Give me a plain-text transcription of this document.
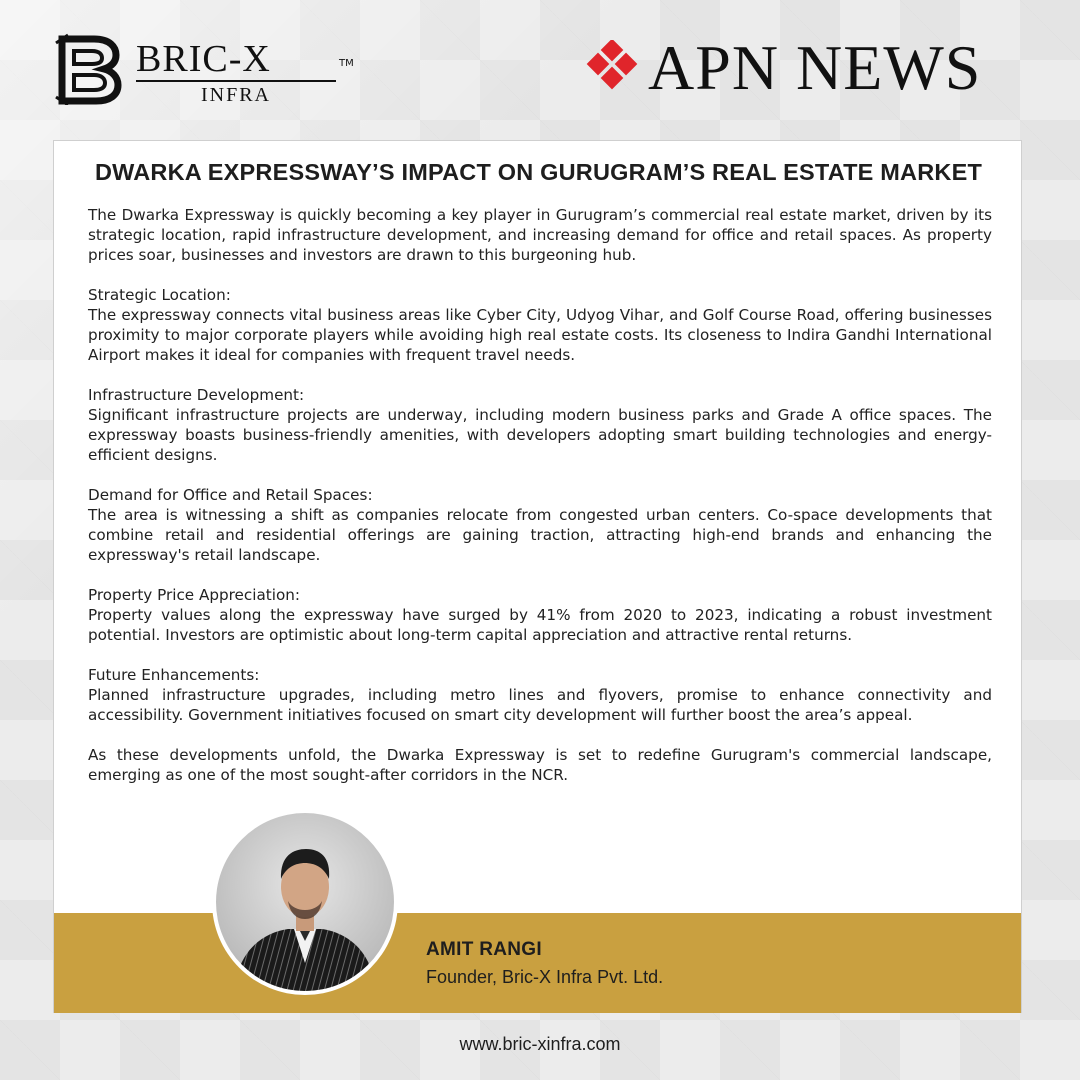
BRIC-X
INFRA
TM	APN NEWS
DWARKA EXPRESSWAY’S IMPACT ON GURUGRAM’S REAL ESTATE MARKET

The Dwarka Expressway is quickly becoming a key player in Gurugram’s commercial real estate market, driven by its strategic location, rapid infrastructure development, and increasing demand for office and retail spaces. As property prices soar, businesses and investors are drawn to this burgeoning hub.

Strategic Location:
The expressway connects vital business areas like Cyber City, Udyog Vihar, and Golf Course Road, offering businesses proximity to major corporate players while avoiding high real estate costs. Its closeness to Indira Gandhi International Airport makes it ideal for companies with frequent travel needs.

Infrastructure Development:
Significant infrastructure projects are underway, including modern business parks and Grade A office spaces. The expressway boasts business-friendly amenities, with developers adopting smart building technologies and energy-efficient designs.

Demand for Office and Retail Spaces:
The area is witnessing a shift as companies relocate from congested urban centers. Co-space developments that combine retail and residential offerings are gaining traction, attracting high-end brands and enhancing the expressway's retail landscape.

Property Price Appreciation:
Property values along the expressway have surged by 41% from 2020 to 2023, indicating a robust investment potential. Investors are optimistic about long-term capital appreciation and attractive rental returns.

Future Enhancements:
Planned infrastructure upgrades, including metro lines and flyovers, promise to enhance connectivity and accessibility. Government initiatives focused on smart city development will further boost the area’s appeal.

As these developments unfold, the Dwarka Expressway is set to redefine Gurugram's commercial landscape, emerging as one of the most sought-after corridors in the NCR.

AMIT RANGI
Founder, Bric-X Infra Pvt. Ltd.
www.bric-xinfra.com
